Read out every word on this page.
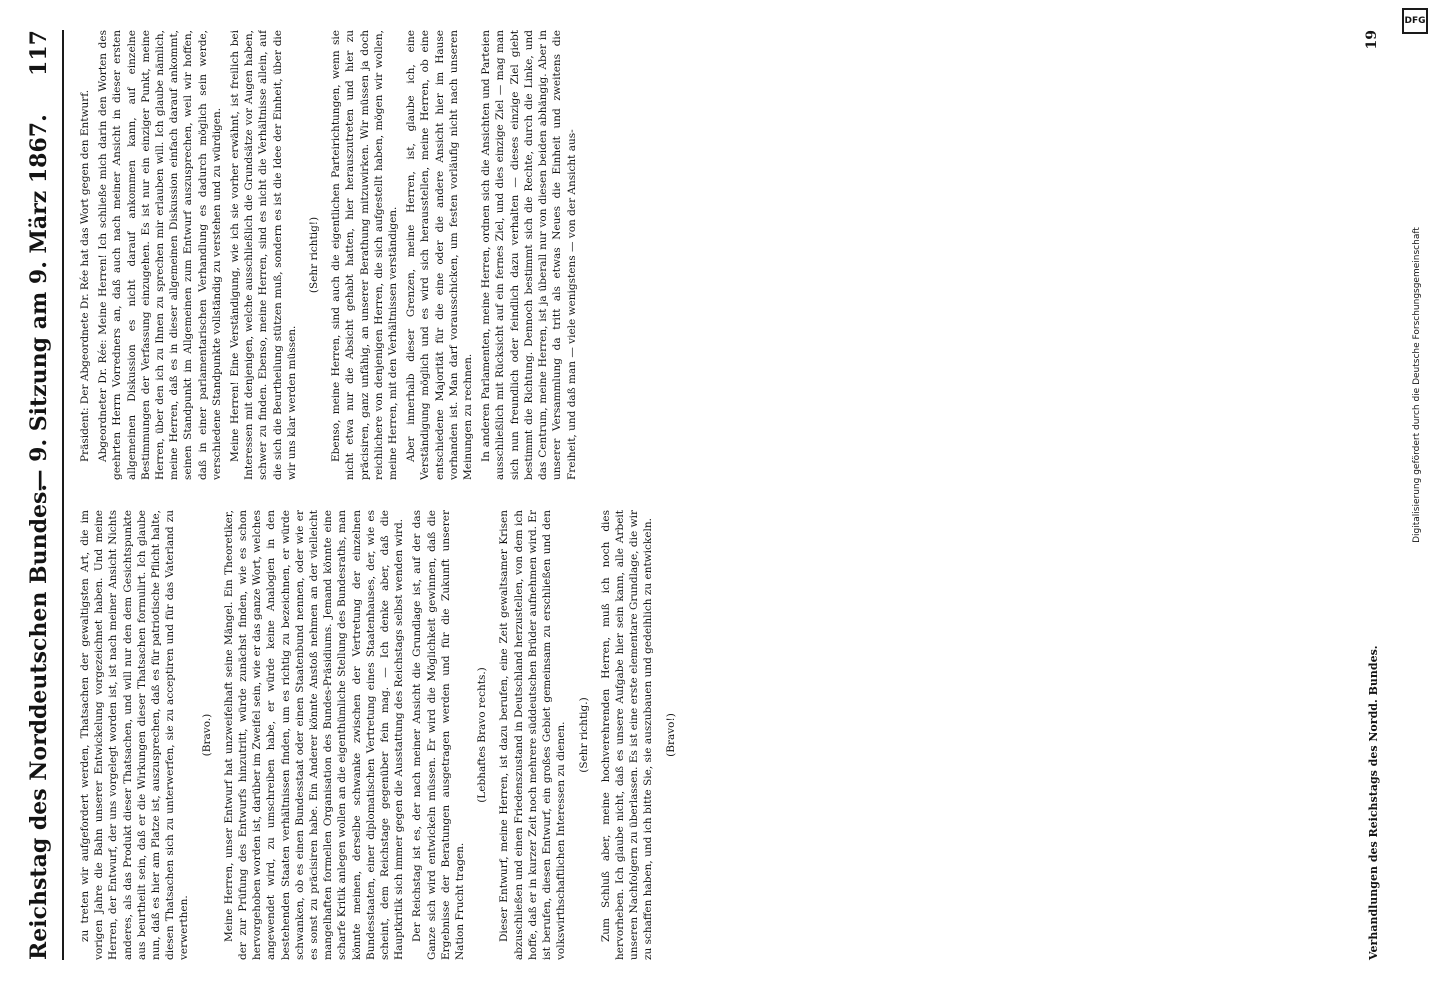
Reichstag des Norddeutschen Bundes.
— 9. Sitzung am 9. März 1867.     117

zu treten wir aufgefordert werden, Thatsachen der gewaltigsten Art, die im vorigen Jahre die Bahn unserer Entwickelung vorgezeichnet haben. Und meine Herren, der Entwurf, der uns vorgelegt worden ist, ist nach meiner Ansicht Nichts anderes, als das Produkt dieser Thatsachen, und will nur den dem Gesichtspunkte aus beurtheilt sein, daß er die Wirkungen dieser Thatsachen formulirt. Ich glaube nun, daß es hier am Platze ist, auszusprechen, daß es für patriotische Pflicht halte, diesen Thatsachen sich zu unterwerfen, sie zu acceptiren und für das Vaterland zu verwerthen.

(Bravo.) Meine Herren, unser Entwurf hat unzweifelhaft seine Mängel. Ein Theoretiker, der zur Prüfung des Entwurfs hinzutritt, würde zunächst finden, wie es schon hervorgehoben worden ist, darüber im Zweifel sein, wie er das ganze Wort, welches angewendet wird, zu umschreiben habe, er würde keine Analogien in den bestehenden Staaten verhältnissen finden, um es richtig zu bezeichnen, er würde schwanken, ob es einen Bundesstaat oder einen Staatenbund nennen, oder wie er es sonst zu präcisiren habe. Ein Anderer könnte Anstoß nehmen an der vielleicht mangelhaften formellen Organisation des Bundes-Präsidiums. Jemand könnte eine scharfe Kritik anlegen wollen an die eigenthümliche Stellung des Bundesraths, man könnte meinen, derselbe schwanke zwischen der Vertretung der einzelnen Bundesstaaten, einer diplomatischen Vertretung eines Staatenhauses, der, wie es scheint, dem Reichstage gegenüber fein mag. — Ich denke aber, daß die Hauptkritik sich immer gegen die Ausstattung des Reichstags selbst wenden wird. Der Reichstag ist es, der nach meiner Ansicht die Grundlage ist, auf der das Ganze sich wird entwickeln müssen. Er wird die Möglichkeit gewinnen, daß die Ergebnisse der Beratungen ausgetragen werden und für die Zukunft unserer Nation Frucht tragen.

(Lebhaftes Bravo rechts.) Dieser Entwurf, meine Herren, ist dazu berufen, eine Zeit gewaltsamer Krisen abzuschließen und einen Friedenszustand in Deutschland herzustellen, von dem ich hoffe, daß er in kurzer Zeit noch mehrere süddeutschen Brüder aufnehmen wird. Er ist berufen, diesen Entwurf, ein großes Gebiet gemeinsam zu erschließen und den volkswirthschaftlichen Interessen zu dienen. (Sehr richtig.) Zum Schluß aber, meine hochverehrenden Herren, muß ich noch dies hervorheben. Ich glaube nicht, daß es unsere Aufgabe hier sein kann, alle Arbeit unseren Nachfolgern zu überlassen. Es ist eine erste elementare Grundlage, die wir zu schaffen haben, und ich bitte Sie, sie auszubauen und gedeihlich zu entwickeln. (Bravo!)

Präsident: Der Abgeordnete Dr. Rée hat das Wort gegen den Entwurf. Abgeordneter Dr. Rée: Meine Herren! Ich schließe mich darin den Worten des geehrten Herrn Vorredners an, daß auch nach meiner Ansicht in dieser ersten allgemeinen Diskussion es nicht darauf ankommen kann, auf einzelne Bestimmungen der Verfassung einzugehen. Es ist nur ein einziger Punkt, meine Herren, über den ich zu Ihnen zu sprechen mir erlauben will. Ich glaube nämlich, meine Herren, daß es in dieser allgemeinen Diskussion einfach darauf ankommt, seinen Standpunkt im Allgemeinen zum Entwurf auszusprechen, weil wir hoffen, daß in einer parlamentarischen Verhandlung es dadurch möglich sein werde, verschiedene Standpunkte vollständig zu verstehen und zu würdigen. Meine Herren! Eine Verständigung, wie ich sie vorher erwähnt, ist freilich bei Interessen mit denjenigen, welche ausschließlich die Grundsätze vor Augen haben, schwer zu finden. Ebenso, meine Herren, sind es nicht die Verhältnisse allein, auf die sich die Beurtheilung stützen muß, sondern es ist die Idee der Einheit, über die wir uns klar werden müssen.

(Sehr richtig!) Ebenso, meine Herren, sind auch die eigentlichen Parteirichtungen, wenn sie nicht etwa nur die Absicht gehabt hatten, hier herauszutreten und hier zu präcisiren, ganz unfähig, an unserer Berathung mitzuwirken. Wir müssen ja doch reichlichere von denjenigen Herren, die sich aufgestellt haben, mögen wir wollen, meine Herren, mit den Verhältnissen verständigen. Aber innerhalb dieser Grenzen, meine Herren, ist, glaube ich, eine Verständigung möglich und es wird sich herausstellen, meine Herren, ob eine entschiedene Majorität für die eine oder die andere Ansicht hier im Hause vorhanden ist. Man darf vorausschicken, um festen vorläufig nicht nach unseren Meinungen zu rechnen. In anderen Parlamenten, meine Herren, ordnen sich die Ansichten und Parteien ausschließlich mit Rücksicht auf ein fernes Ziel, und dies einzige Ziel — mag man sich nun freundlich oder feindlich dazu verhalten — dieses einzige Ziel giebt bestimmt die Richtung. Dennoch bestimmt sich die Rechte, durch die Linke, und das Centrum, meine Herren, ist ja überall nur von diesen beiden abhängig. Aber in unserer Versammlung da tritt als etwas Neues die Einheit und zweitens die Freiheit, und daß man — viele wenigstens — von der Ansicht aus-

Verhandlungen des Reichstags des Nordd. Bundes.
19
DFG
Digitalisierung gefördert durch die Deutsche Forschungsgemeinschaft
